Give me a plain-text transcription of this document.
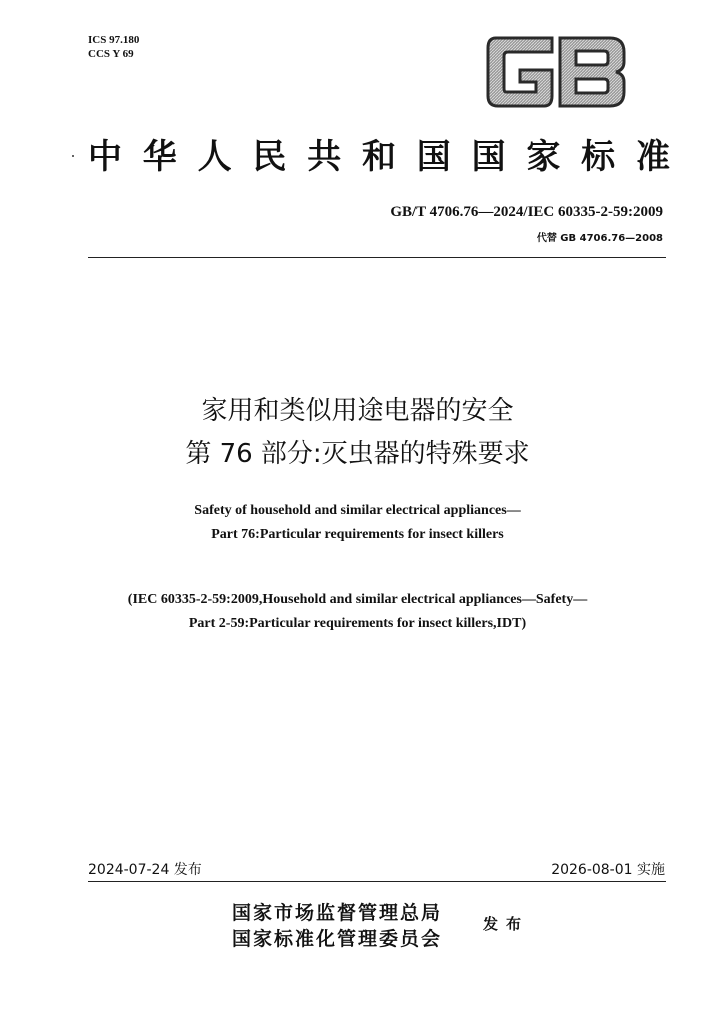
ICS 97.180
CCS Y 69
中 华 人 民 共 和 国 国 家 标 准
GB/T 4706.76—2024/IEC 60335-2-59:2009
代替 GB 4706.76—2008
家用和类似用途电器的安全
第 76 部分:灭虫器的特殊要求
Safety of household and similar electrical appliances—
Part 76:Particular requirements for insect killers
(IEC 60335-2-59:2009,Household and similar electrical appliances—Safety—
Part 2-59:Particular requirements for insect killers,IDT)
2024-07-24 发布	2026-08-01 实施
国家市场监督管理总局
国家标准化管理委员会
发布
